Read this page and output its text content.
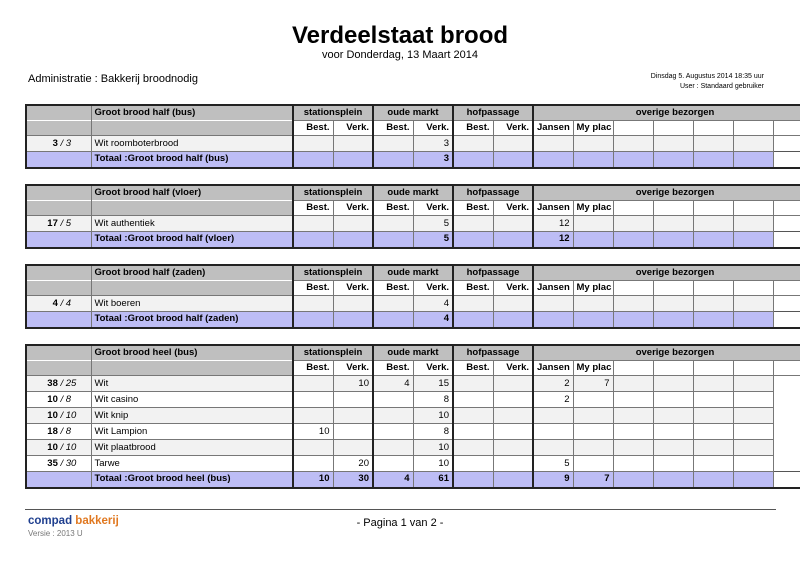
Verdeelstaat brood
voor Donderdag, 13 Maart 2014
Administratie : Bakkerij broodnodig	Dinsdag 5. Augustus 2014 18:35 uur
User : Standaard gebruiker
	Groot brood half (bus)	stationsplein		oude markt		hofpassage		overige bezorgen						
		Best.	Verk.	Best.	Verk.	Best.	Verk.	Jansen	My plac					
3 / 3	Wit roomboterbrood				3									
	Totaal :Groot brood half (bus)				3									
	Groot brood half (vloer)	stationsplein		oude markt		hofpassage		overige bezorgen						
		Best.	Verk.	Best.	Verk.	Best.	Verk.	Jansen	My plac					
17 / 5	Wit authentiek				5			12						
	Totaal :Groot brood half (vloer)				5			12						
	Groot brood half (zaden)	stationsplein		oude markt		hofpassage		overige bezorgen						
		Best.	Verk.	Best.	Verk.	Best.	Verk.	Jansen	My plac					
4 / 4	Wit boeren				4									
	Totaal :Groot brood half (zaden)				4									
	Groot brood heel (bus)	stationsplein		oude markt		hofpassage		overige bezorgen						
		Best.	Verk.	Best.	Verk.	Best.	Verk.	Jansen	My plac					
38 / 25	Wit		10	4	15			2	7					
10 / 8	Wit casino				8			2						
10 / 10	Wit knip				10									
18 / 8	Wit Lampion	10			8									
10 / 10	Wit plaatbrood				10									
35 / 30	Tarwe		20		10			5						
	Totaal :Groot brood heel (bus)	10	30	4	61			9	7					
compad bakkerij
Versie : 2013 U
- Pagina 1 van 2 -
